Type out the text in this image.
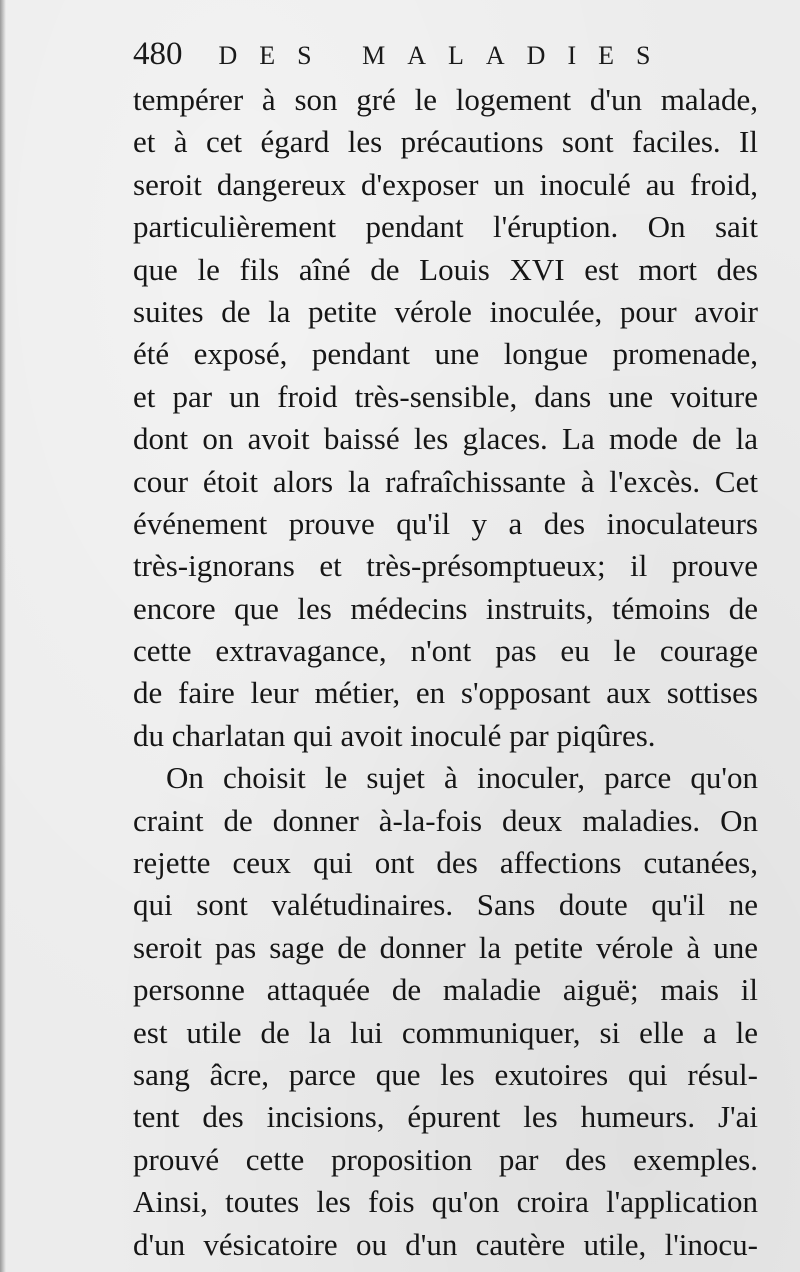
480 DES MALADIES
tempérer à son gré le logement d'un malade,
et à cet égard les précautions sont faciles. Il
seroit dangereux d'exposer un inoculé au froid,
particulièrement pendant l'éruption. On sait
que le fils aîné de Louis XVI est mort des
suites de la petite vérole inoculée, pour avoir
été exposé, pendant une longue promenade,
et par un froid très-sensible, dans une voiture
dont on avoit baissé les glaces. La mode de la
cour étoit alors la rafraîchissante à l'excès. Cet
événement prouve qu'il y a des inoculateurs
très-ignorans et très-présomptueux; il prouve
encore que les médecins instruits, témoins de
cette extravagance, n'ont pas eu le courage
de faire leur métier, en s'opposant aux sottises
du charlatan qui avoit inoculé par piqûres.
On choisit le sujet à inoculer, parce qu'on
craint de donner à-la-fois deux maladies. On
rejette ceux qui ont des affections cutanées,
qui sont valétudinaires. Sans doute qu'il ne
seroit pas sage de donner la petite vérole à une
personne attaquée de maladie aiguë; mais il
est utile de la lui communiquer, si elle a le
sang âcre, parce que les exutoires qui résul-
tent des incisions, épurent les humeurs. J'ai
prouvé cette proposition par des exemples.
Ainsi, toutes les fois qu'on croira l'application
d'un vésicatoire ou d'un cautère utile, l'inocu-
